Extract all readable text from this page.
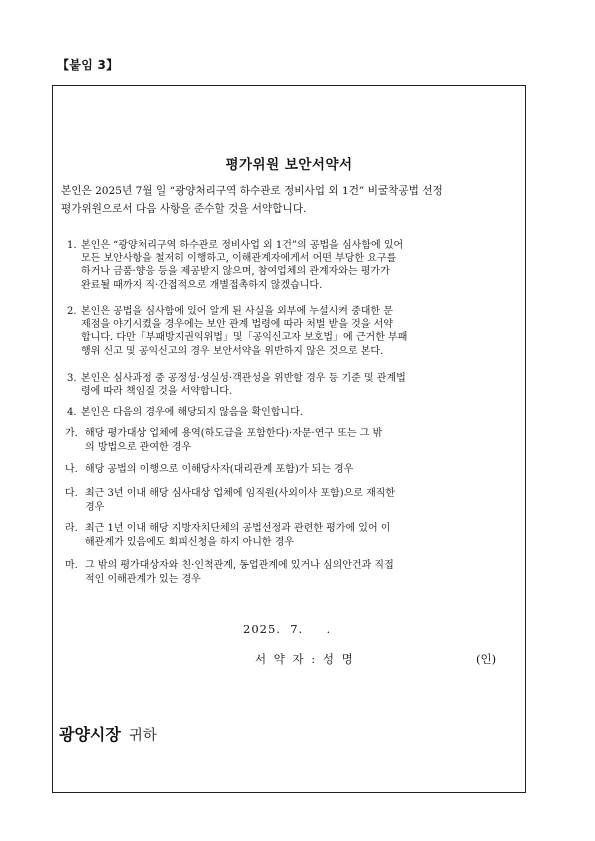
【붙임 3】
평가위원 보안서약서
본인은 2025년 7월 일 “광양처리구역 하수관로 정비사업 외 1건” 비굴착공법 선정
평가위원으로서 다음 사항을 준수할 것을 서약합니다.
1. 본인은 “광양처리구역 하수관로 정비사업 외 1건”의 공법을 심사함에 있어
모든 보안사항을 철저히 이행하고, 이해관계자에게서 어떤 부당한 요구를
하거나 금품·향응 등을 제공받지 않으며, 참여업체의 관계자와는 평가가
완료될 때까지 직·간접적으로 개별접촉하지 않겠습니다.
2. 본인은 공법을 심사함에 있어 알게 된 사실을 외부에 누설시켜 중대한 문
제점을 야기시켰을 경우에는 보안 관계 법령에 따라 처벌 받을 것을 서약
합니다. 다만「부패방지권익위법」및「공익신고자 보호법」에 근거한 부패
행위 신고 및 공익신고의 경우 보안서약을 위반하지 않은 것으로 본다.
3. 본인은 심사과정 중 공정성·성실성·객관성을 위반할 경우 등 기준 및 관계법
령에 따라 책임질 것을 서약합니다.
4. 본인은 다음의 경우에 해당되지 않음을 확인합니다.
가. 해당 평가대상 업체에 용역(하도급을 포함한다)·자문·연구 또는 그 밖
의 방법으로 관여한 경우
나. 해당 공법의 이행으로 이해당사자(대리관계 포함)가 되는 경우
다. 최근 3년 이내 해당 심사대상 업체에 임직원(사외이사 포함)으로 재직한
경우
라. 최근 1년 이내 해당 지방자치단체의 공법선정과 관련한 평가에 있어 이
해관계가 있음에도 회피신청을 하지 아니한 경우
마. 그 밖의 평가대상자와 친·인척관계, 동업관계에 있거나 심의안건과 직접
적인 이해관계가 있는 경우
2025.  7.     .
서 약 자 : 성 명	(인)
광양시장 귀하
